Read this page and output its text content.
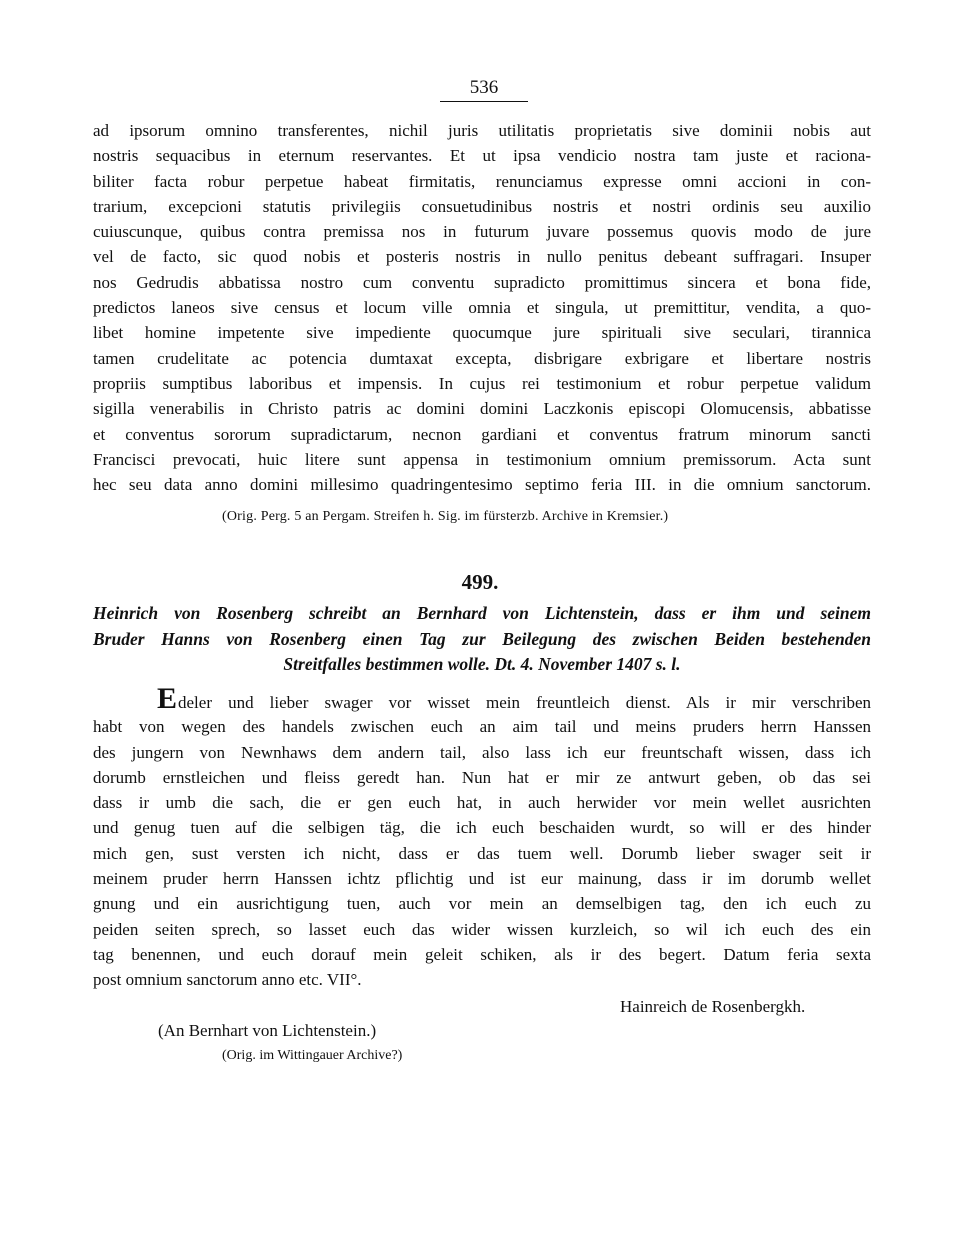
536
ad ipsorum omnino transferentes, nichil juris utilitatis proprietatis sive dominii nobis aut
nostris sequacibus in eternum reservantes. Et ut ipsa vendicio nostra tam juste et raciona-
biliter facta robur perpetue habeat firmitatis, renunciamus expresse omni accioni in con-
trarium, excepcioni statutis privilegiis consuetudinibus nostris et nostri ordinis seu auxilio
cuiuscunque, quibus contra premissa nos in futurum juvare possemus quovis modo de jure
vel de facto, sic quod nobis et posteris nostris in nullo penitus debeant suffragari. Insuper
nos Gedrudis abbatissa nostro cum conventu supradicto promittimus sincera et bona fide,
predictos laneos sive census et locum ville omnia et singula, ut premittitur, vendita, a quo-
libet homine impetente sive impediente quocumque jure spirituali sive seculari, tirannica
tamen crudelitate ac potencia dumtaxat excepta, disbrigare exbrigare et libertare nostris
propriis sumptibus laboribus et impensis. In cujus rei testimonium et robur perpetue validum
sigilla venerabilis in Christo patris ac domini domini Laczkonis episcopi Olomucensis, abbatisse
et conventus sororum supradictarum, necnon gardiani et conventus fratrum minorum sancti
Francisci prevocati, huic litere sunt appensa in testimonium omnium premissorum. Acta sunt
hec seu data anno domini millesimo quadringentesimo septimo feria III. in die omnium sanctorum.
(Orig. Perg. 5 an Pergam. Streifen h. Sig. im fürsterzb. Archive in Kremsier.)
499.
Heinrich von Rosenberg schreibt an Bernhard von Lichtenstein, dass er ihm und seinem
Bruder Hanns von Rosenberg einen Tag zur Beilegung des zwischen Beiden bestehenden
Streitfalles bestimmen wolle. Dt. 4. November 1407 s. l.
Edeler und lieber swager vor wisset mein freuntleich dienst. Als ir mir verschriben
habt von wegen des handels zwischen euch an aim tail und meins pruders herrn Hanssen
des jungern von Newnhaws dem andern tail, also lass ich eur freuntschaft wissen, dass ich
dorumb ernstleichen und fleiss geredt han. Nun hat er mir ze antwurt geben, ob das sei
dass ir umb die sach, die er gen euch hat, in auch herwider vor mein wellet ausrichten
und genug tuen auf die selbigen täg, die ich euch beschaiden wurdt, so will er des hinder
mich gen, sust versten ich nicht, dass er das tuem well. Dorumb lieber swager seit ir
meinem pruder herrn Hanssen ichtz pflichtig und ist eur mainung, dass ir im dorumb wellet
gnung und ein ausrichtigung tuen, auch vor mein an demselbigen tag, den ich euch zu
peiden seiten sprech, so lasset euch das wider wissen kurzleich, so wil ich euch des ein
tag benennen, und euch dorauf mein geleit schiken, als ir des begert. Datum feria sexta
post omnium sanctorum anno etc. VII°.
Hainreich de Rosenbergkh.
(An Bernhart von Lichtenstein.)
(Orig. im Wittingauer Archive?)
